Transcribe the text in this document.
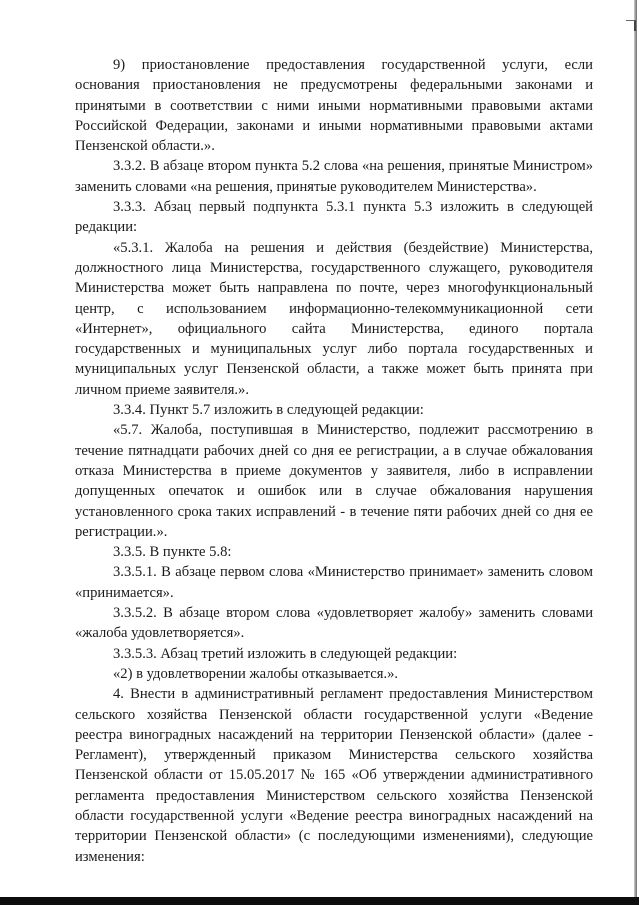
9) приостановление предоставления государственной услуги, если основания приостановления не предусмотрены федеральными законами и принятыми в соответствии с ними иными нормативными правовыми актами Российской Федерации, законами и иными нормативными правовыми актами Пензенской области.».

3.3.2. В абзаце втором пункта 5.2 слова «на решения, принятые Министром» заменить словами «на решения, принятые руководителем Министерства».

3.3.3. Абзац первый подпункта 5.3.1 пункта 5.3 изложить в следующей редакции:

«5.3.1. Жалоба на решения и действия (бездействие) Министерства, должностного лица Министерства, государственного служащего, руководителя Министерства может быть направлена по почте, через многофункциональный центр, с использованием информационно-телекоммуникационной сети «Интернет», официального сайта Министерства, единого портала государственных и муниципальных услуг либо портала государственных и муниципальных услуг Пензенской области, а также может быть принята при личном приеме заявителя.».

3.3.4. Пункт 5.7 изложить в следующей редакции:

«5.7. Жалоба, поступившая в Министерство, подлежит рассмотрению в течение пятнадцати рабочих дней со дня ее регистрации, а в случае обжалования отказа Министерства в приеме документов у заявителя, либо в исправлении допущенных опечаток и ошибок или в случае обжалования нарушения установленного срока таких исправлений - в течение пяти рабочих дней со дня ее регистрации.».

3.3.5. В пункте 5.8:

3.3.5.1. В абзаце первом слова «Министерство принимает» заменить словом «принимается».

3.3.5.2. В абзаце втором слова «удовлетворяет жалобу» заменить словами «жалоба удовлетворяется».

3.3.5.3. Абзац третий изложить в следующей редакции:

«2) в удовлетворении жалобы отказывается.».

4. Внести в административный регламент предоставления Министерством сельского хозяйства Пензенской области государственной услуги «Ведение реестра виноградных насаждений на территории Пензенской области» (далее - Регламент), утвержденный приказом Министерства сельского хозяйства Пензенской области от 15.05.2017 № 165 «Об утверждении административного регламента предоставления Министерством сельского хозяйства Пензенской области государственной услуги «Ведение реестра виноградных насаждений на территории Пензенской области» (с последующими изменениями), следующие изменения:
